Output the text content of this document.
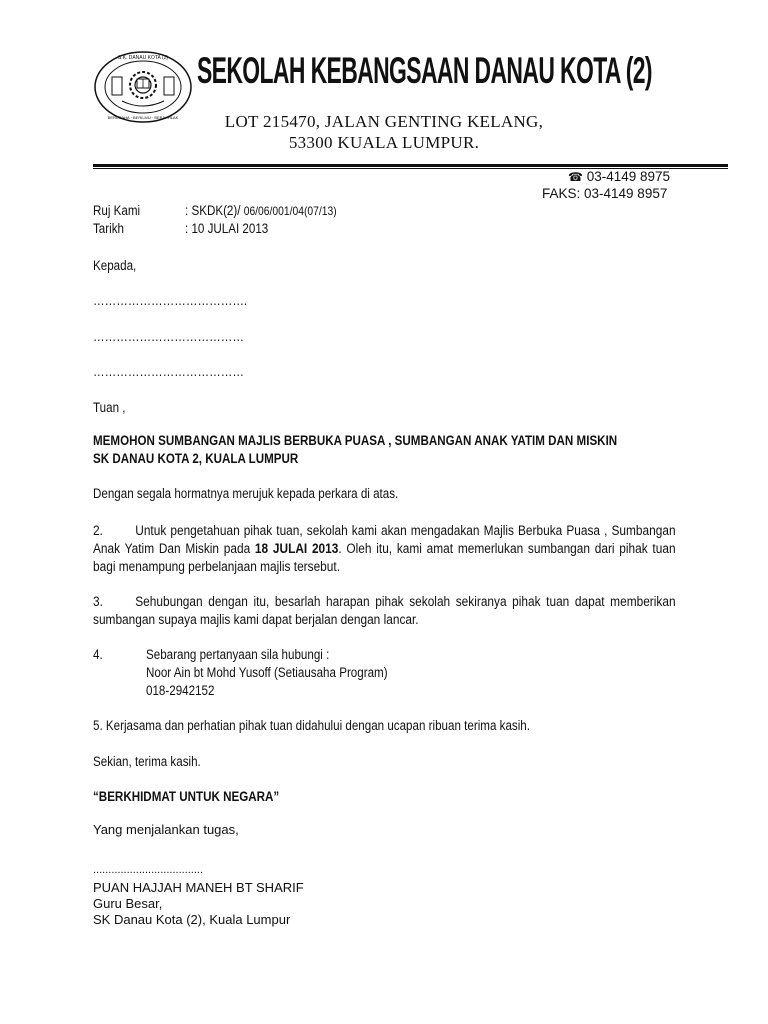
S.K. DANAU KOTA (2)
BERUSAHA · BERILMU · BERAKHLAK
SEKOLAH KEBANGSAAN DANAU KOTA (2)
LOT 215470, JALAN GENTING KELANG,
53300 KUALA LUMPUR.
☎ 03-4149 8975
FAKS: 03-4149 8957
Ruj Kami	: SKDK(2)/ 06/06/001/04(07/13)
Tarikh	: 10 JULAI 2013
Kepada,
………………………………….
…………………………………
…………………………………
Tuan ,
MEMOHON SUMBANGAN MAJLIS BERBUKA PUASA , SUMBANGAN ANAK YATIM DAN MISKIN
SK DANAU KOTA 2, KUALA LUMPUR
Dengan segala hormatnya merujuk kepada perkara di atas.
2. Untuk pengetahuan pihak tuan, sekolah kami akan mengadakan Majlis Berbuka Puasa , Sumbangan Anak Yatim Dan Miskin pada 18 JULAI 2013. Oleh itu, kami amat memerlukan sumbangan dari pihak tuan bagi menampung perbelanjaan majlis tersebut.
3. Sehubungan dengan itu, besarlah harapan pihak sekolah sekiranya pihak tuan dapat memberikan sumbangan supaya majlis kami dapat berjalan dengan lancar.
4.	Sebarang pertanyaan sila hubungi :
Noor Ain bt Mohd Yusoff (Setiausaha Program)
018-2942152
5. Kerjasama dan perhatian pihak tuan didahului dengan ucapan ribuan terima kasih.
Sekian, terima kasih.
“BERKHIDMAT UNTUK NEGARA”
Yang menjalankan tugas,
....................................
PUAN HAJJAH MANEH BT SHARIF
Guru Besar,
SK Danau Kota (2), Kuala Lumpur
